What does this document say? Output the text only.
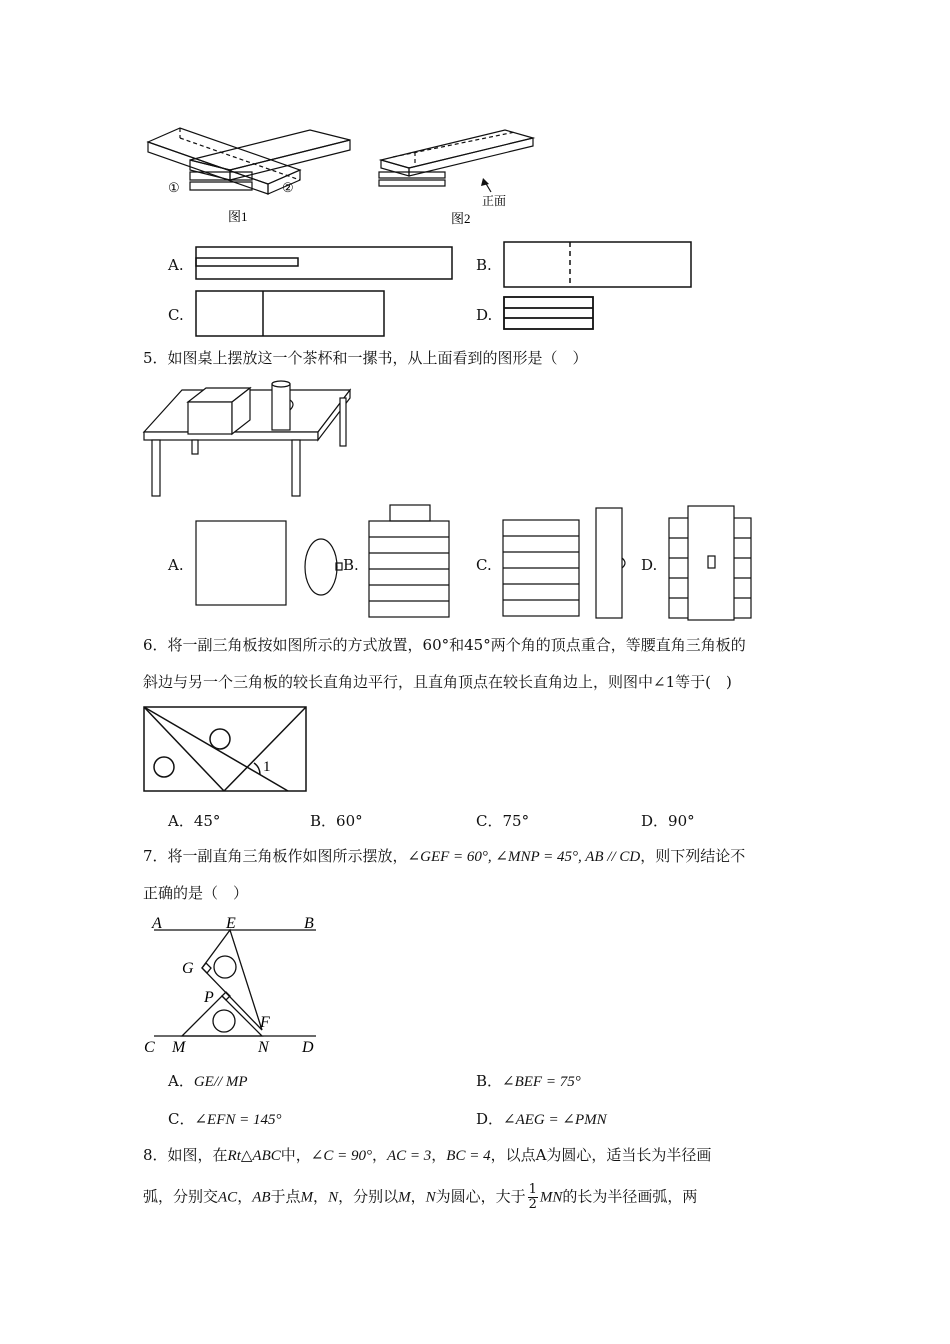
①	②
图1
正面
图2
A.	B.
C.	D.
5．如图桌上摆放这一个茶杯和一摞书，从上面看到的图形是（　）
A.	B.	C.	D.
6．将一副三角板按如图所示的方式放置，60°和45°两个角的顶点重合，等腰直角三角板的
斜边与另一个三角板的较长直角边平行，且直角顶点在较长直角边上，则图中∠1等于(　)
1
A．45°	B．60°	C．75°	D．90°
7．将一副直角三角板作如图所示摆放，∠GEF = 60°, ∠MNP = 45°, AB // CD，则下列结论不
正确的是（　）
A	E	B
G
P
F
C M	N D
A．GE// MP	B．∠BEF = 75°
C．∠EFN = 145°	D．∠AEG = ∠PMN
8．如图，在Rt△ABC中，∠C = 90°，AC = 3，BC = 4，以点A为圆心，适当长为半径画
弧，分别交AC，AB于点M，N，分别以M，N为圆心，大于 $\frac{1}{2}$ MN的长为半径画弧，两
